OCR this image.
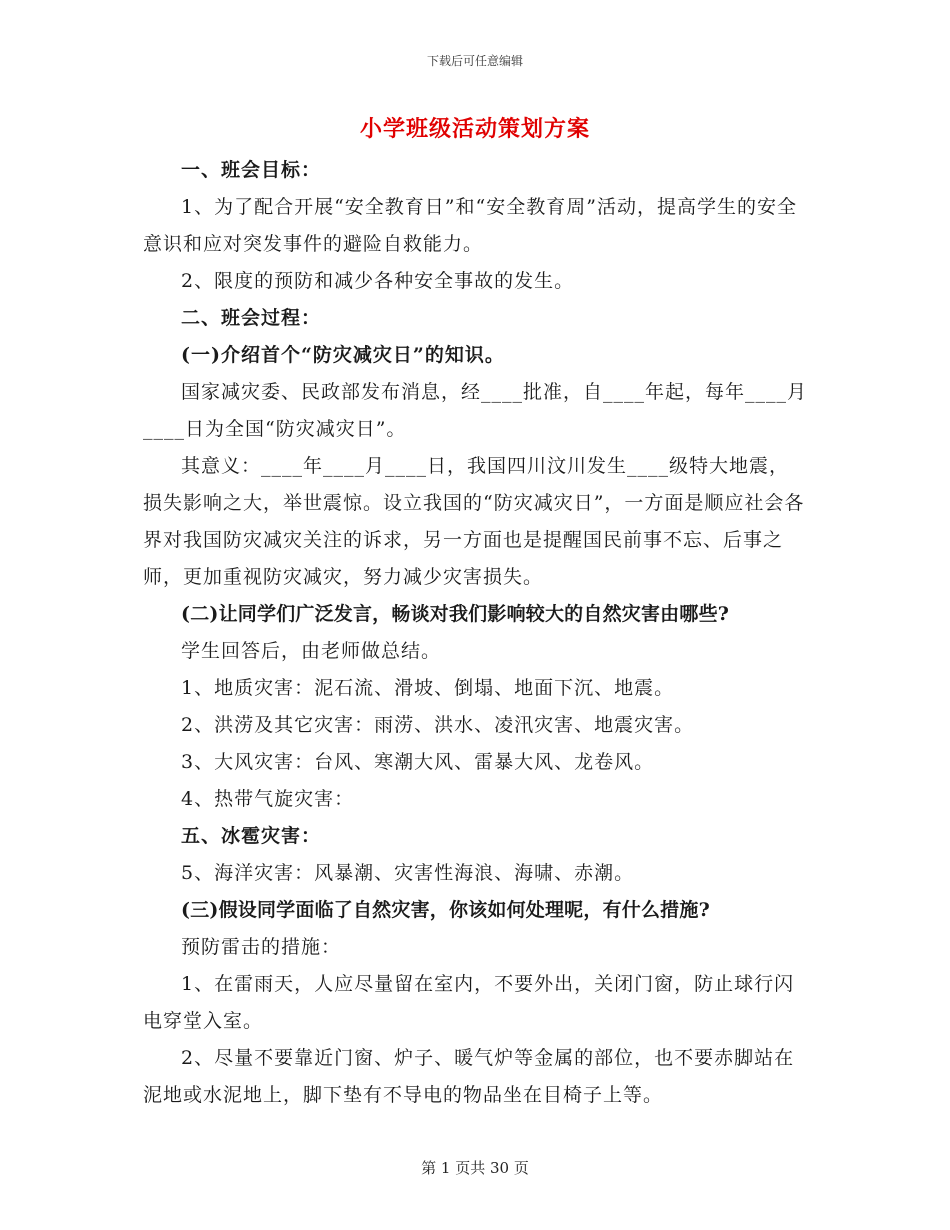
下载后可任意编辑
小学班级活动策划方案

一、班会目标：

1、为了配合开展“安全教育日”和“安全教育周”活动，提高学生的安全意识和应对突发事件的避险自救能力。

2、限度的预防和减少各种安全事故的发生。

二、班会过程：

(一)介绍首个“防灾减灾日”的知识。

国家减灾委、民政部发布消息，经____批准，自____年起，每年____月____日为全国“防灾减灾日”。

其意义：____年____月____日，我国四川汶川发生____级特大地震，损失影响之大，举世震惊。设立我国的“防灾减灾日”，一方面是顺应社会各界对我国防灾减灾关注的诉求，另一方面也是提醒国民前事不忘、后事之师，更加重视防灾减灾，努力减少灾害损失。

(二)让同学们广泛发言，畅谈对我们影响较大的自然灾害由哪些?

学生回答后，由老师做总结。

1、地质灾害：泥石流、滑坡、倒塌、地面下沉、地震。

2、洪涝及其它灾害：雨涝、洪水、凌汛灾害、地震灾害。

3、大风灾害：台风、寒潮大风、雷暴大风、龙卷风。

4、热带气旋灾害：

五、冰雹灾害：

5、海洋灾害：风暴潮、灾害性海浪、海啸、赤潮。

(三)假设同学面临了自然灾害，你该如何处理呢，有什么措施?

预防雷击的措施：

1、在雷雨天，人应尽量留在室内，不要外出，关闭门窗，防止球行闪电穿堂入室。

2、尽量不要靠近门窗、炉子、暖气炉等金属的部位，也不要赤脚站在泥地或水泥地上，脚下垫有不导电的物品坐在目椅子上等。

第 1 页共 30 页
